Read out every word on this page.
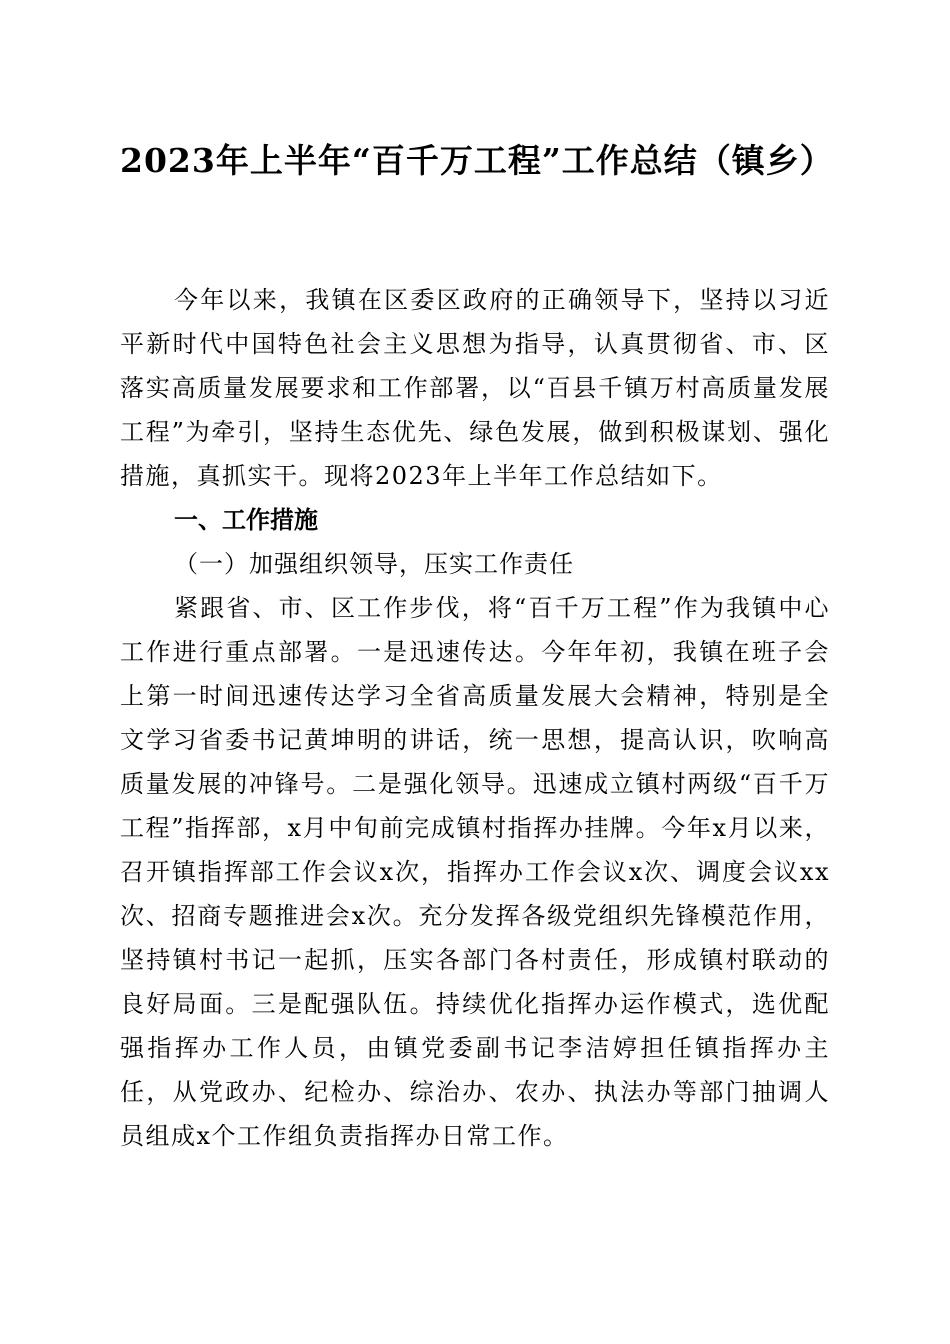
2023年上半年“百千万工程”工作总结（镇乡）

今年以来，我镇在区委区政府的正确领导下，坚持以习近平新时代中国特色社会主义思想为指导，认真贯彻省、市、区落实高质量发展要求和工作部署，以“百县千镇万村高质量发展工程”为牵引，坚持生态优先、绿色发展，做到积极谋划、强化措施，真抓实干。现将2023年上半年工作总结如下。

一、工作措施

（一）加强组织领导，压实工作责任

紧跟省、市、区工作步伐，将“百千万工程”作为我镇中心工作进行重点部署。一是迅速传达。今年年初，我镇在班子会上第一时间迅速传达学习全省高质量发展大会精神，特别是全文学习省委书记黄坤明的讲话，统一思想，提高认识，吹响高质量发展的冲锋号。二是强化领导。迅速成立镇村两级“百千万工程”指挥部，x月中旬前完成镇村指挥办挂牌。今年x月以来，召开镇指挥部工作会议x次，指挥办工作会议x次、调度会议xx次、招商专题推进会x次。充分发挥各级党组织先锋模范作用，坚持镇村书记一起抓，压实各部门各村责任，形成镇村联动的良好局面。三是配强队伍。持续优化指挥办运作模式，选优配强指挥办工作人员，由镇党委副书记李洁婷担任镇指挥办主任，从党政办、纪检办、综治办、农办、执法办等部门抽调人员组成x个工作组负责指挥办日常工作。
